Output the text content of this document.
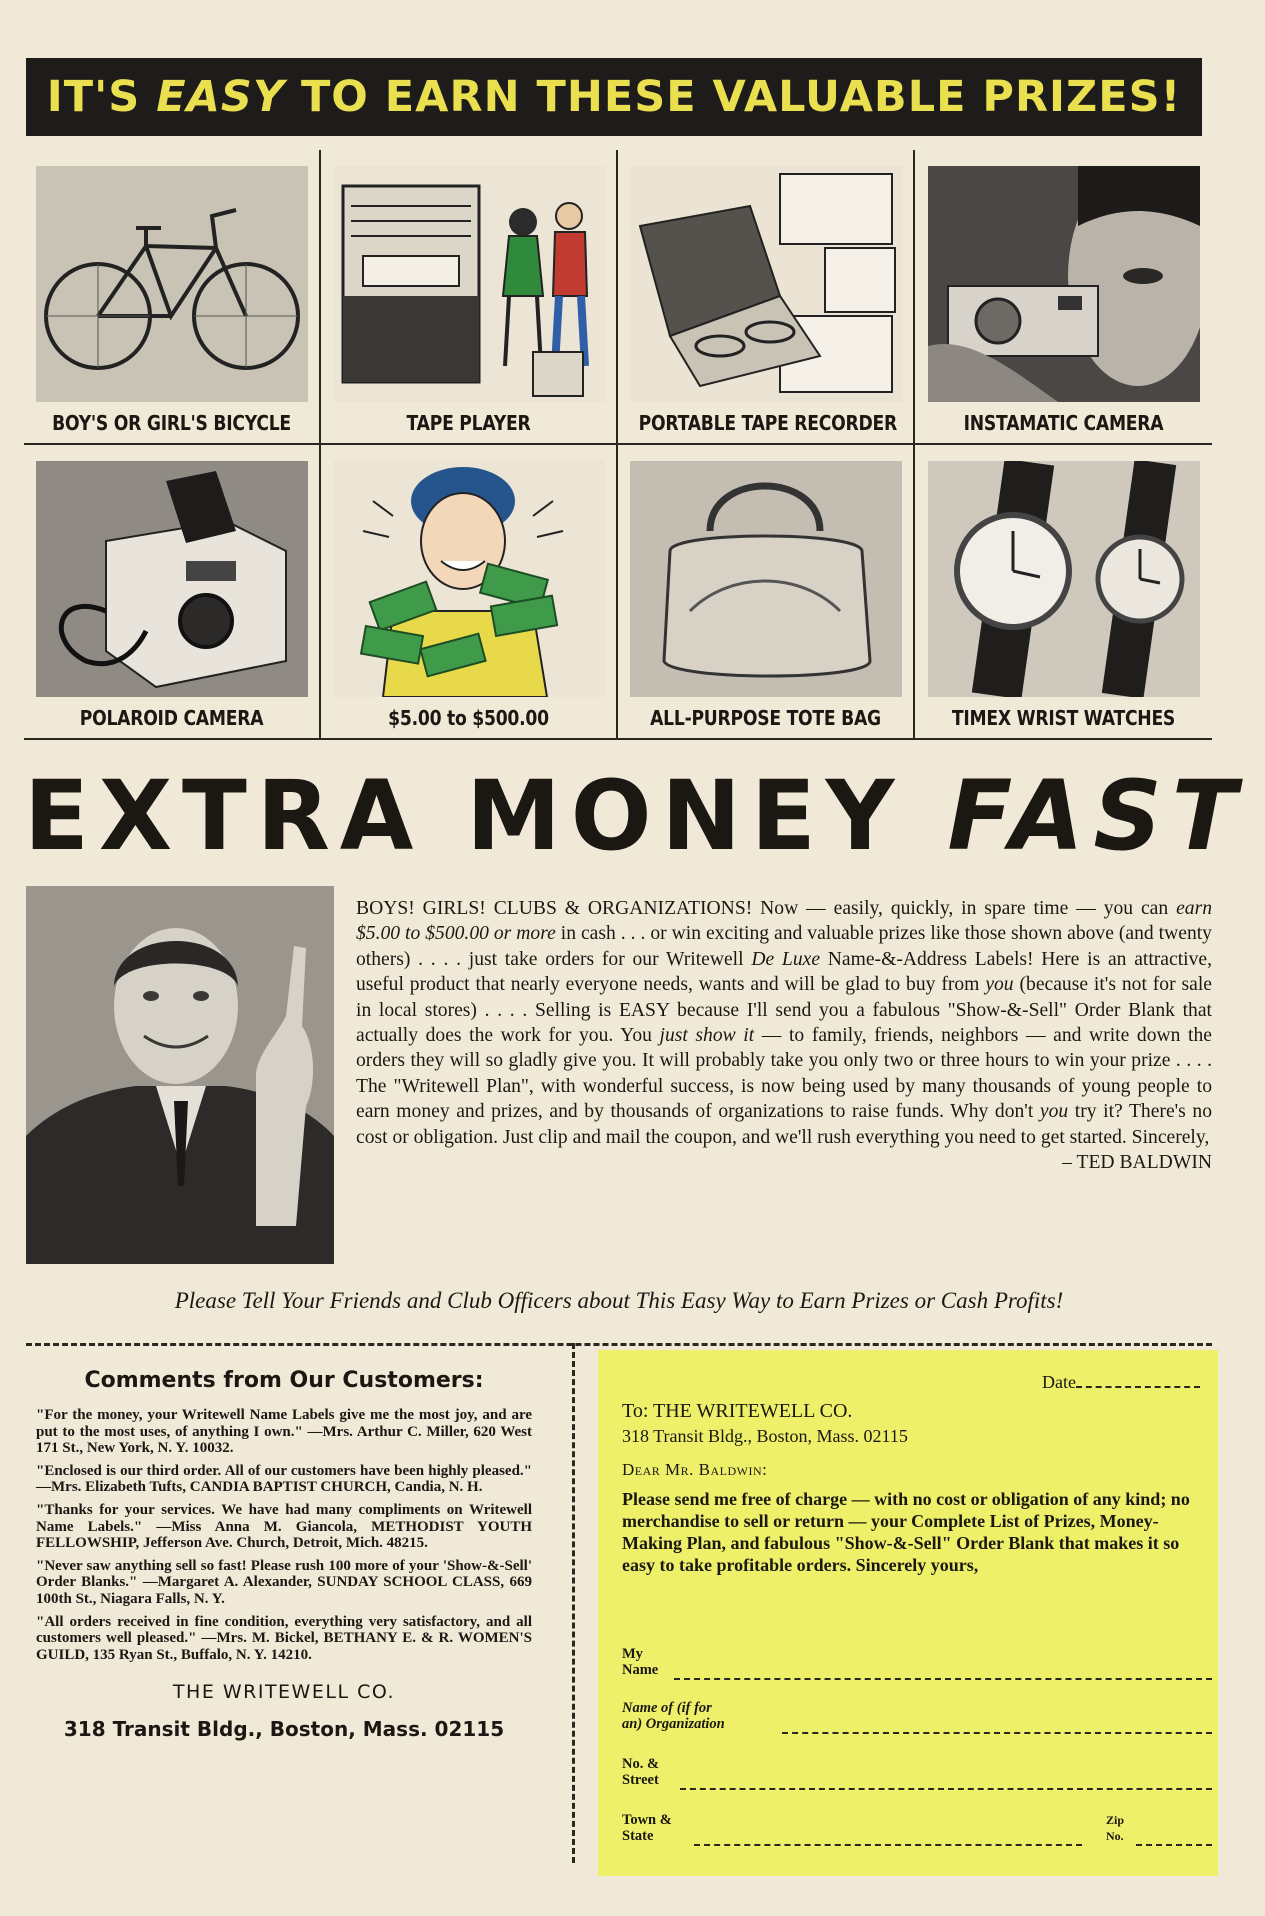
IT'S EASY TO EARN THESE VALUABLE PRIZES!
BOY'S OR GIRL'S BICYCLE	TAPE PLAYER	PORTABLE TAPE RECORDER	INSTAMATIC CAMERA
POLAROID CAMERA	$5.00 to $500.00	ALL-PURPOSE TOTE BAG	TIMEX WRIST WATCHES
EXTRA MONEY FAST
BOYS! GIRLS! CLUBS & ORGANIZATIONS! Now — easily, quickly, in spare time — you can earn $5.00 to $500.00 or more in cash . . . or win exciting and valuable prizes like those shown above (and twenty others) . . . . just take orders for our Writewell De Luxe Name-&-Address Labels! Here is an attractive, useful product that nearly everyone needs, wants and will be glad to buy from you (because it's not for sale in local stores) . . . . Selling is EASY because I'll send you a fabulous "Show-&-Sell" Order Blank that actually does the work for you. You just show it — to family, friends, neighbors — and write down the orders they will so gladly give you. It will probably take you only two or three hours to win your prize . . . . The "Writewell Plan", with wonderful success, is now being used by many thousands of young people to earn money and prizes, and by thousands of organizations to raise funds. Why don't you try it? There's no cost or obligation. Just clip and mail the coupon, and we'll rush everything you need to get started. Sincerely,
– TED BALDWIN
Please Tell Your Friends and Club Officers about This Easy Way to Earn Prizes or Cash Profits!
Comments from Our Customers:
"For the money, your Writewell Name Labels give me the most joy, and are put to the most uses, of anything I own." —Mrs. Arthur C. Miller, 620 West 171 St., New York, N. Y. 10032.
"Enclosed is our third order. All of our customers have been highly pleased." —Mrs. Elizabeth Tufts, CANDIA BAPTIST CHURCH, Candia, N. H.
"Thanks for your services. We have had many compliments on Writewell Name Labels." —Miss Anna M. Giancola, METHODIST YOUTH FELLOWSHIP, Jefferson Ave. Church, Detroit, Mich. 48215.
"Never saw anything sell so fast! Please rush 100 more of your 'Show-&-Sell' Order Blanks." —Margaret A. Alexander, SUNDAY SCHOOL CLASS, 669 100th St., Niagara Falls, N. Y.
"All orders received in fine condition, everything very satisfactory, and all customers well pleased." —Mrs. M. Bickel, BETHANY E. & R. WOMEN'S GUILD, 135 Ryan St., Buffalo, N. Y. 14210.
THE WRITEWELL CO.
318 Transit Bldg., Boston, Mass. 02115
Date
To: THE WRITEWELL CO.
318 Transit Bldg., Boston, Mass. 02115
Dear Mr. Baldwin:
Please send me free of charge — with no cost or obligation of any kind; no merchandise to sell or return — your Complete List of Prizes, Money-Making Plan, and fabulous "Show-&-Sell" Order Blank that makes it so easy to take profitable orders. Sincerely yours,
My
Name
Name of (if for
an) Organization
No. &
Street
Town &
State
Zip
No.
